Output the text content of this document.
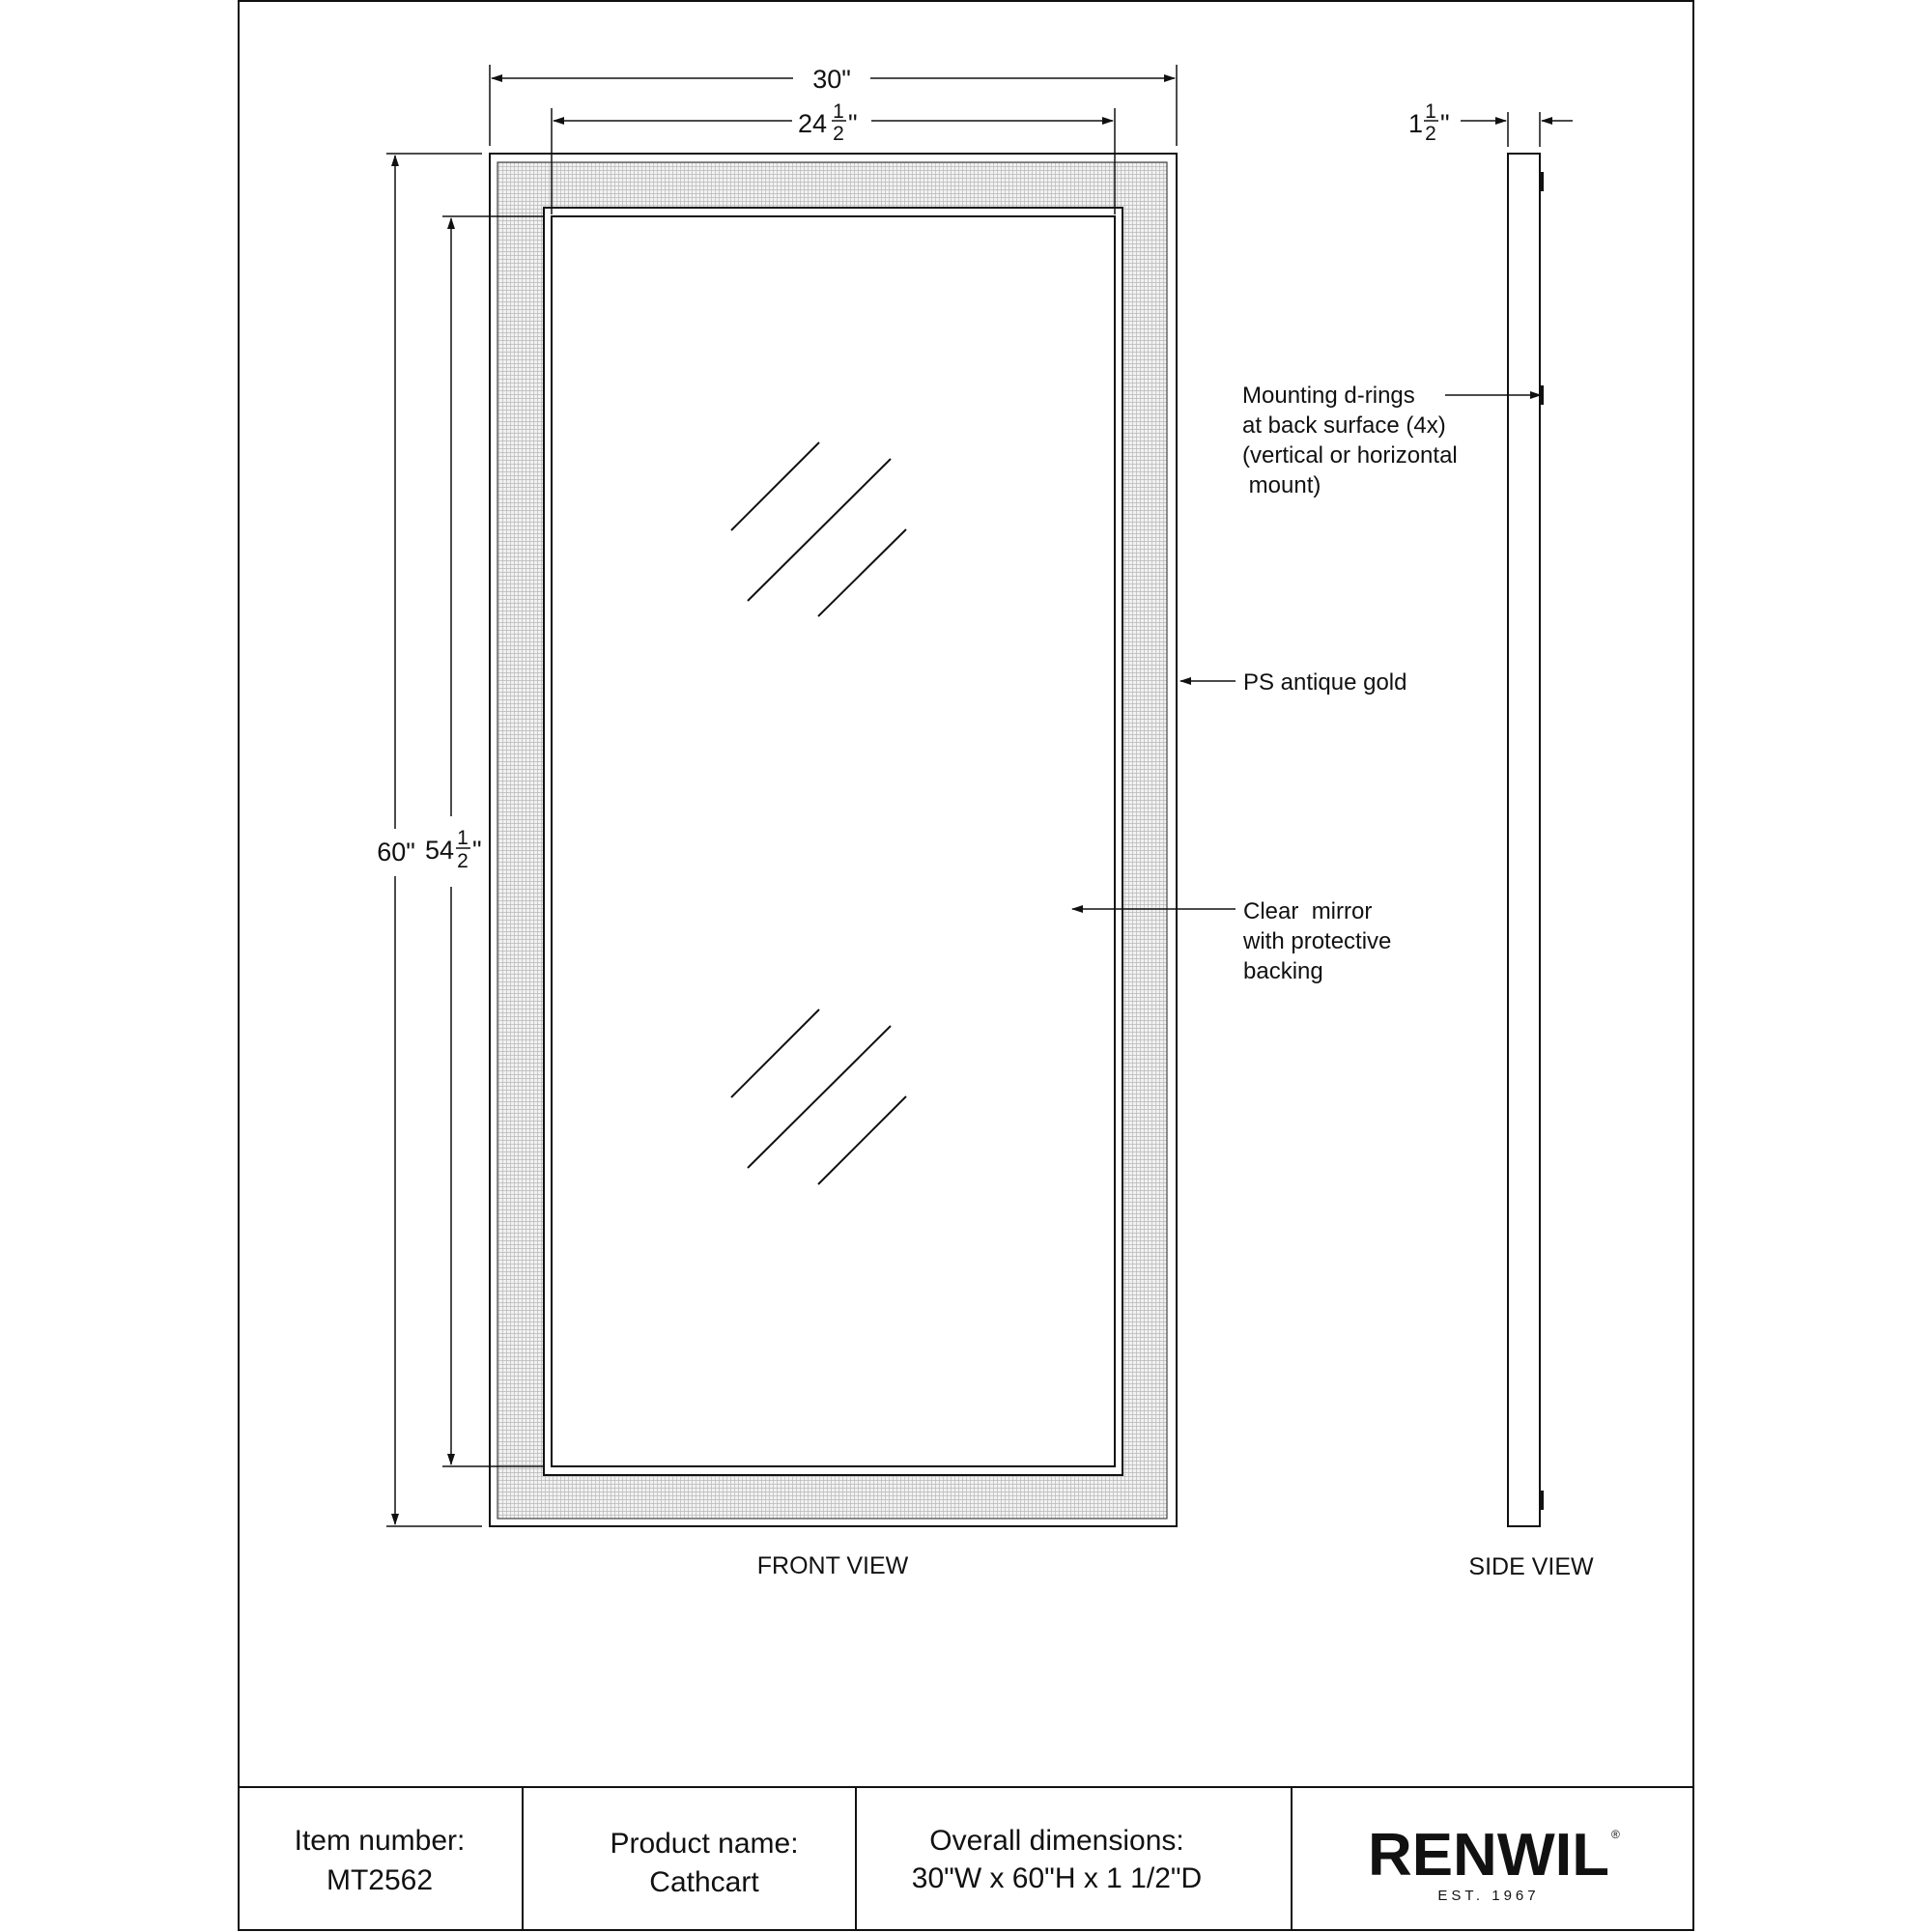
30"
24 1
2 "
60" 54 1
2 "
FRONT VIEW
1 1
2 "
SIDE VIEW
Mounting d-rings
at back surface (4x)
(vertical or horizontal
mount)
PS antique gold
Clear  mirror
with protective
backing
Item number:
MT2562
Product name:
Cathcart
Overall dimensions:
30"W x 60"H x 1 1/2"D	RENWIL ®
EST. 1967
